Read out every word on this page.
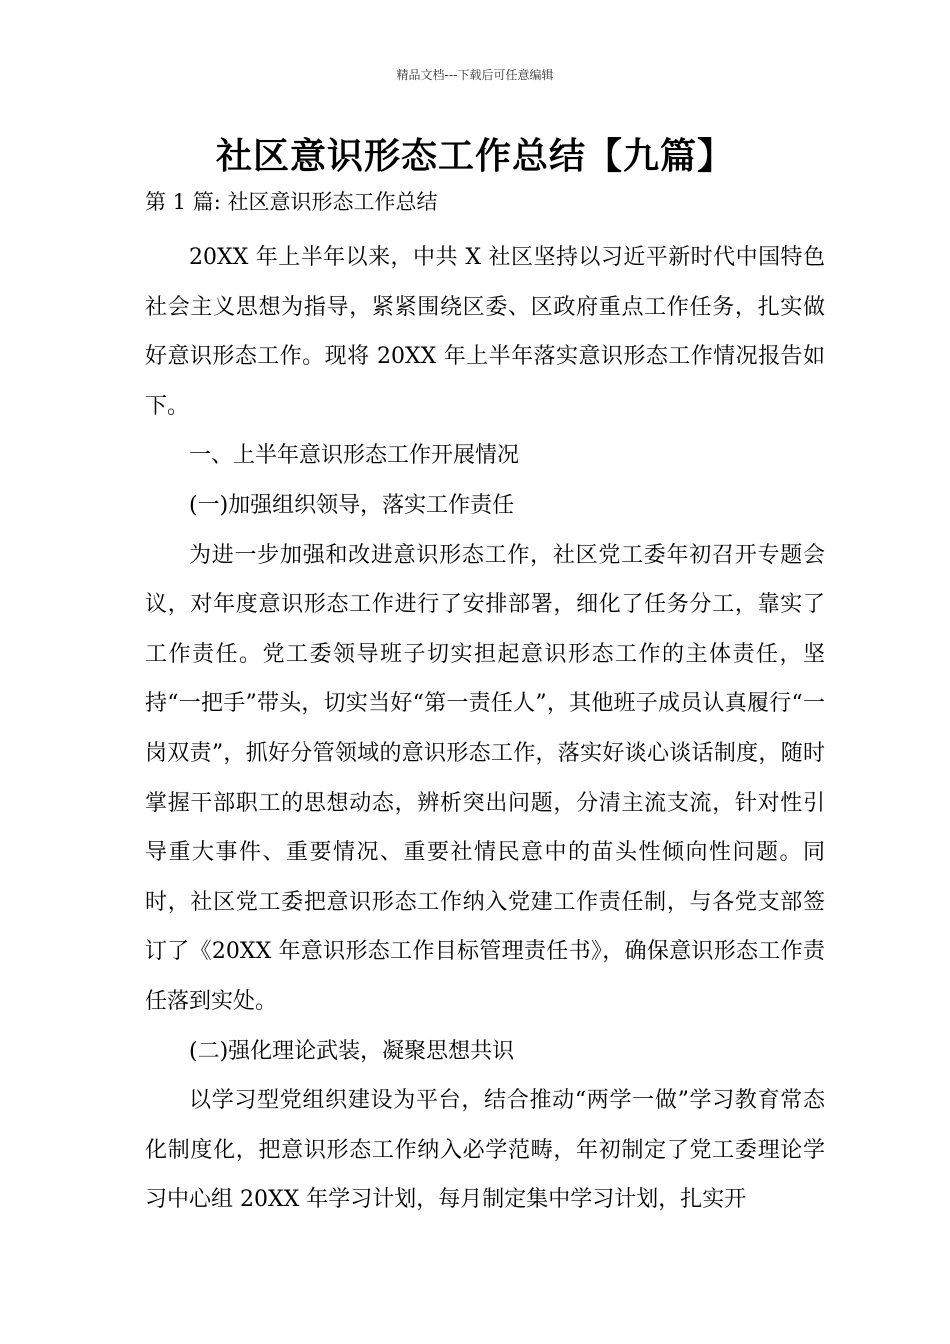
精品文档---下载后可任意编辑
社区意识形态工作总结【九篇】

第 1 篇: 社区意识形态工作总结

20XX 年上半年以来，中共 X 社区坚持以习近平新时代中国特色社会主义思想为指导，紧紧围绕区委、区政府重点工作任务，扎实做好意识形态工作。现将 20XX 年上半年落实意识形态工作情况报告如下。

一、上半年意识形态工作开展情况

(一)加强组织领导，落实工作责任

为进一步加强和改进意识形态工作，社区党工委年初召开专题会议，对年度意识形态工作进行了安排部署，细化了任务分工，靠实了工作责任。党工委领导班子切实担起意识形态工作的主体责任，坚持“一把手”带头，切实当好“第一责任人”，其他班子成员认真履行“一岗双责”，抓好分管领域的意识形态工作，落实好谈心谈话制度，随时掌握干部职工的思想动态，辨析突出问题，分清主流支流，针对性引导重大事件、重要情况、重要社情民意中的苗头性倾向性问题。同时，社区党工委把意识形态工作纳入党建工作责任制，与各党支部签订了《20XX 年意识形态工作目标管理责任书》，确保意识形态工作责任落到实处。

(二)强化理论武装，凝聚思想共识

以学习型党组织建设为平台，结合推动“两学一做”学习教育常态化制度化，把意识形态工作纳入必学范畴，年初制定了党工委理论学习中心组 20XX 年学习计划，每月制定集中学习计划，扎实开
